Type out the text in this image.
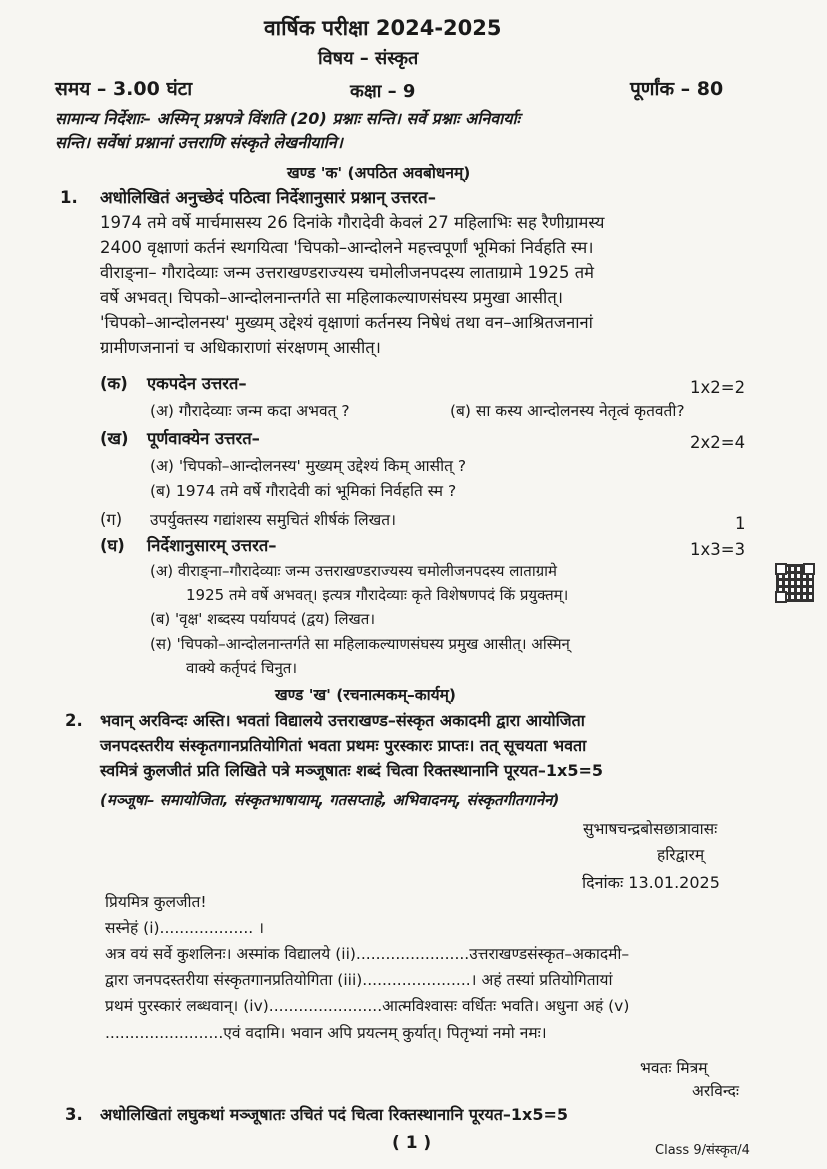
वार्षिक परीक्षा 2024-2025
विषय – संस्कृत
समय – 3.00 घंटा	कक्षा – 9	पूर्णांक – 80
सामान्य निर्देशाः– अस्मिन् प्रश्नपत्रे विंशति (20) प्रश्नाः सन्ति। सर्वे प्रश्नाः अनिवार्याः
सन्ति। सर्वेषां प्रश्नानां उत्तराणि संस्कृते लेखनीयानि।
खण्ड 'क' (अपठित अवबोधनम्)
1. अधोलिखितं अनुच्छेदं पठित्वा निर्देशानुसारं प्रश्नान् उत्तरत–
1974 तमे वर्षे मार्चमासस्य 26 दिनांके गौरादेवी केवलं 27 महिलाभिः सह रैणीग्रामस्य
2400 वृक्षाणां कर्तनं स्थगयित्वा 'चिपको–आन्दोलने महत्त्वपूर्णां भूमिकां निर्वहति स्म।
वीराङ्ना– गौरादेव्याः जन्म उत्तराखण्डराज्यस्य चमोलीजनपदस्य लाताग्रामे 1925 तमे
वर्षे अभवत्। चिपको–आन्दोलनान्तर्गते सा महिलाकल्याणसंघस्य प्रमुखा आसीत्।
'चिपको–आन्दोलनस्य' मुख्यम् उद्देश्यं वृक्षाणां कर्तनस्य निषेधं तथा वन–आश्रितजनानां
ग्रामीणजनानां च अधिकाराणां संरक्षणम् आसीत्।
(क) एकपदेन उत्तरत–	1x2=2
(अ) गौरादेव्याः जन्म कदा अभवत् ?	(ब) सा कस्य आन्दोलनस्य नेतृत्वं कृतवती?
(ख) पूर्णवाक्येन उत्तरत–	2x2=4
(अ) 'चिपको–आन्दोलनस्य' मुख्यम् उद्देश्यं किम् आसीत् ?
(ब) 1974 तमे वर्षे गौरादेवी कां भूमिकां निर्वहति स्म ?
(ग) उपर्युक्तस्य गद्यांशस्य समुचितं शीर्षकं लिखत।	1
(घ) निर्देशानुसारम् उत्तरत–	1x3=3
(अ) वीराङ्ना–गौरादेव्याः जन्म उत्तराखण्डराज्यस्य चमोलीजनपदस्य लाताग्रामे
1925 तमे वर्षे अभवत्। इत्यत्र गौरादेव्याः कृते विशेषणपदं किं प्रयुक्तम्।
(ब) 'वृक्ष' शब्दस्य पर्यायपदं (द्वय) लिखत।
(स) 'चिपको–आन्दोलनान्तर्गते सा महिलाकल्याणसंघस्य प्रमुख आसीत्। अस्मिन्
वाक्ये कर्तृपदं चिनुत।
खण्ड 'ख' (रचनात्मकम्–कार्यम्)
2. भवान् अरविन्दः अस्ति। भवतां विद्यालये उत्तराखण्ड–संस्कृत अकादमी द्वारा आयोजिता
जनपदस्तरीय संस्कृतगानप्रतियोगितां भवता प्रथमः पुरस्कारः प्राप्तः। तत् सूचयता भवता
स्वमित्रं कुलजीतं प्रति लिखिते पत्रे मञ्जूषातः शब्दं चित्वा रिक्तस्थानानि पूरयत–1x5=5
(मञ्जूषा– समायोजिता, संस्कृतभाषायाम्, गतसप्ताहे, अभिवादनम्, संस्कृतगीतगानेन)
सुभाषचन्द्रबोसछात्रावासः
हरिद्वारम्
दिनांकः 13.01.2025
प्रियमित्र कुलजीत!
सस्नेहं (i)................... ।
अत्र वयं सर्वे कुशलिनः। अस्मांक विद्यालये (ii).......................उत्तराखण्डसंस्कृत–अकादमी–
द्वारा जनपदस्तरीया संस्कृतगानप्रतियोगिता (iii)......................। अहं तस्यां प्रतियोगितायां
प्रथमं पुरस्कारं लब्धवान्। (iv).......................आत्मविश्वासः वर्धितः भवति। अधुना अहं (v)
........................एवं वदामि। भवान अपि प्रयत्नम् कुर्यात्। पितृभ्यां नमो नमः।
भवतः मित्रम्
अरविन्दः
3. अधोलिखितां लघुकथां मञ्जूषातः उचितं पदं चित्वा रिक्तस्थानानि पूरयत–1x5=5
( 1 )	Class 9/संस्कृत/4
